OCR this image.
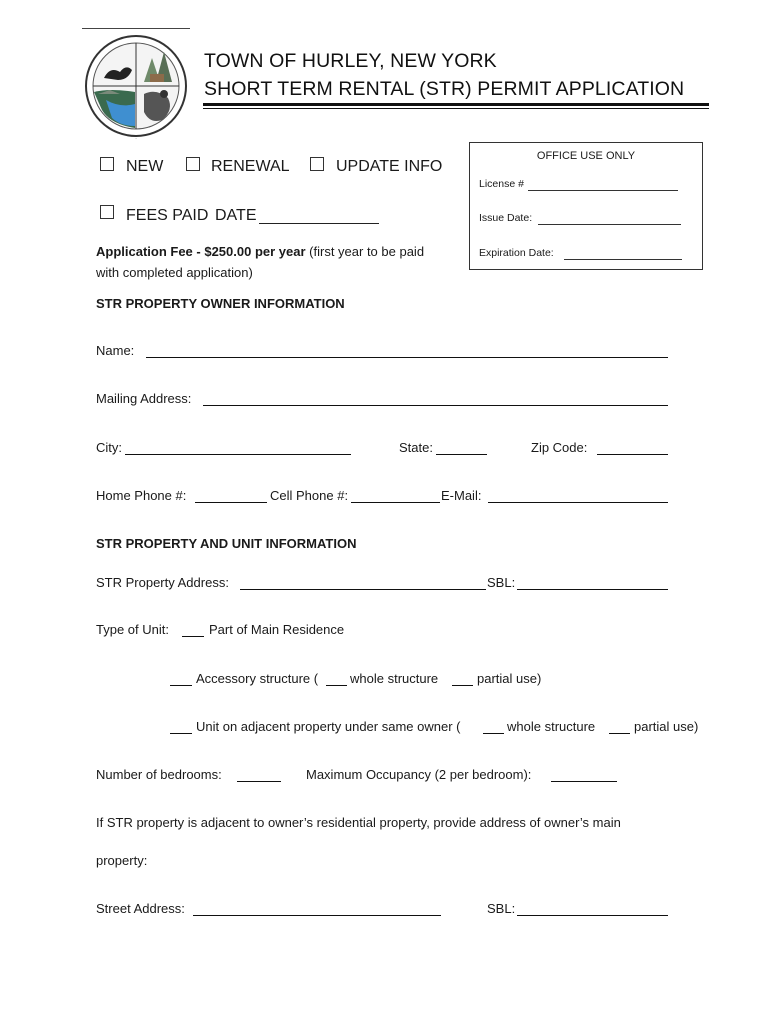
·
TOWN OF HURLEY, NEW YORK
SHORT TERM RENTAL (STR) PERMIT APPLICATION
NEW	RENEWAL	UPDATE INFO
FEES PAID DATE
Application Fee - $250.00 per year (first year to be paid
with completed application)
OFFICE USE ONLY
License #
Issue Date:
Expiration Date:
STR PROPERTY OWNER INFORMATION
Name:
Mailing Address:
City:	State:	Zip Code:
Home Phone #:	Cell Phone #:	E-Mail:
STR PROPERTY AND UNIT INFORMATION
STR Property Address:	SBL:
Type of Unit:	Part of Main Residence
Accessory structure ( whole structure	partial use)
Unit on adjacent property under same owner (	whole structure	partial use)
Number of bedrooms:	Maximum Occupancy (2 per bedroom):
If STR property is adjacent to owner’s residential property, provide address of owner’s main
property:
Street Address:	SBL:
